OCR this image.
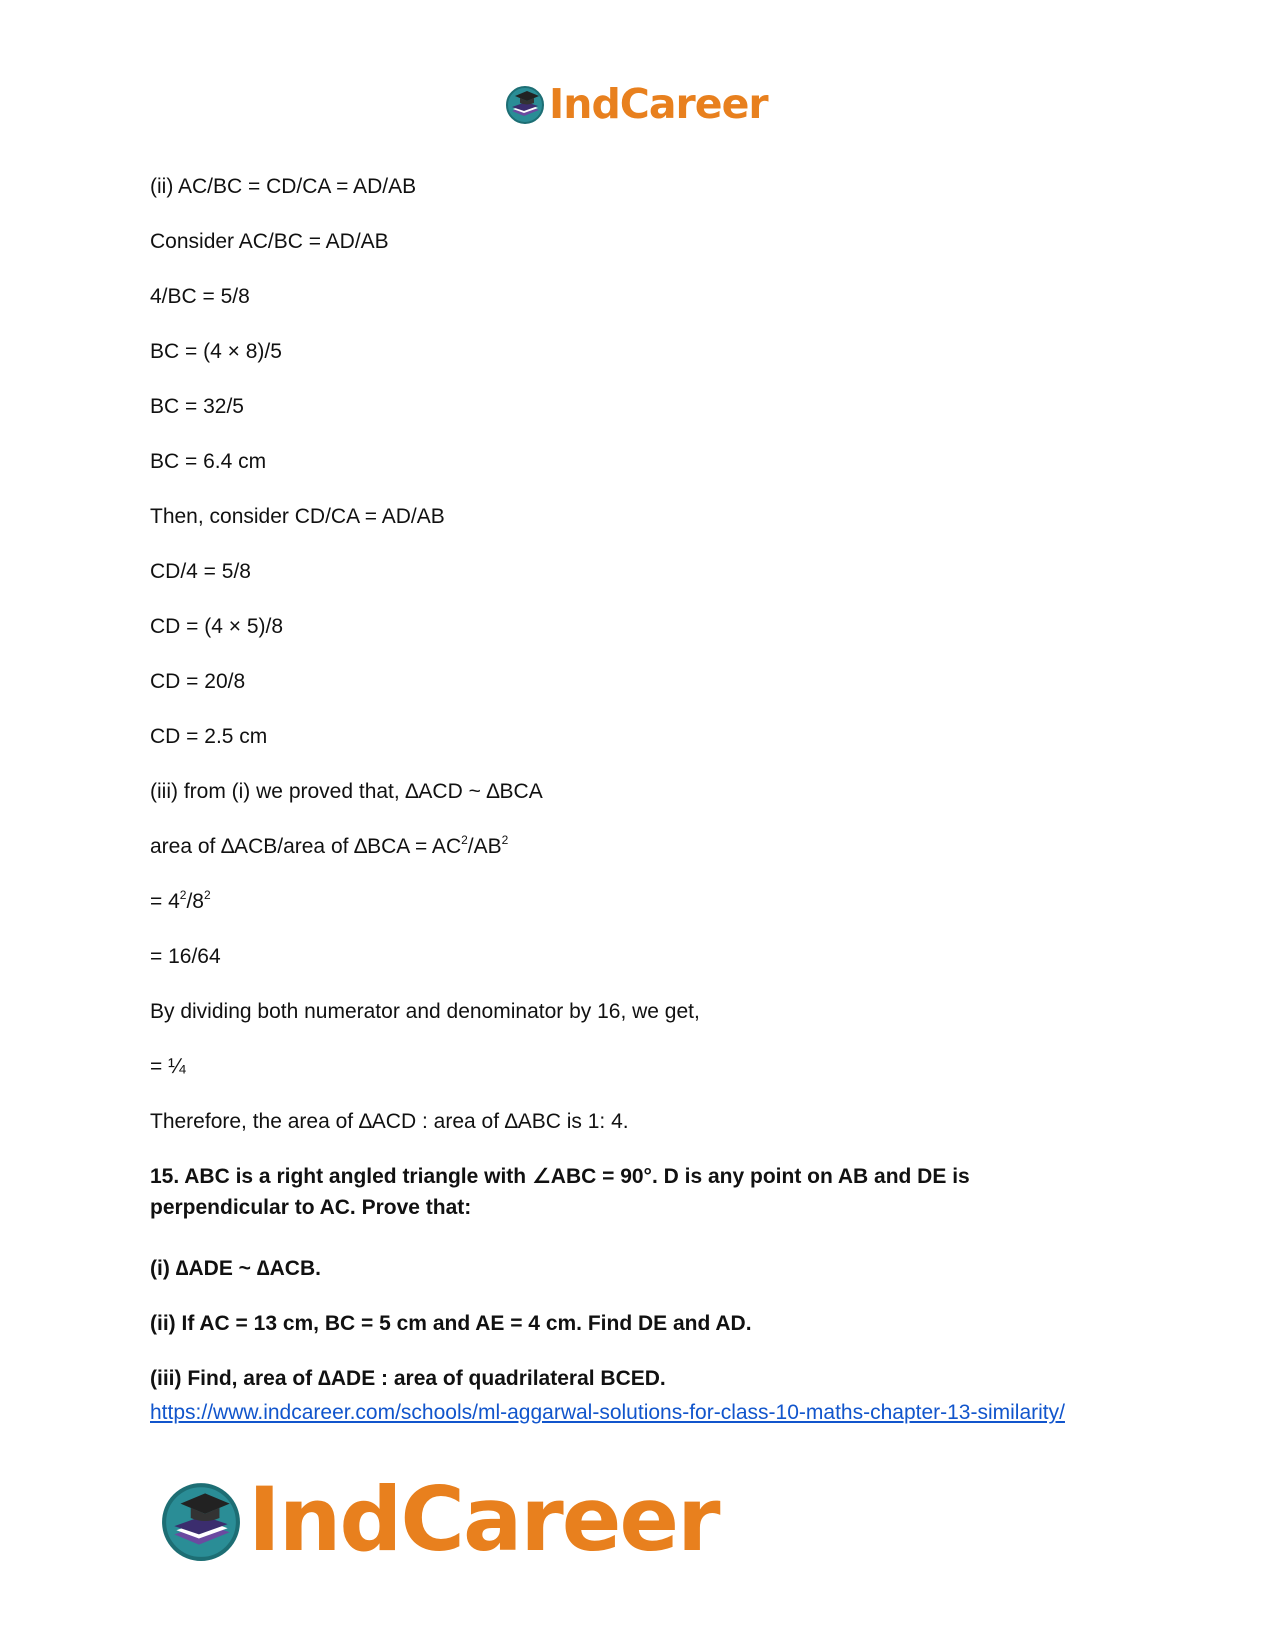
IndCareer
(ii) AC/BC = CD/CA = AD/AB
Consider AC/BC = AD/AB
4/BC = 5/8
BC = (4 × 8)/5
BC = 32/5
BC = 6.4 cm
Then, consider CD/CA = AD/AB
CD/4 = 5/8
CD = (4 × 5)/8
CD = 20/8
CD = 2.5 cm
(iii) from (i) we proved that, ∆ACD ~ ∆BCA
area of ∆ACB/area of $\Delta BCA = AC^2/AB^2$
= $4^2/8^2$
= 16/64
By dividing both numerator and denominator by 16, we get,
= ¼
Therefore, the area of ∆ACD : area of ∆ABC is 1: 4.
15. ABC is a right angled triangle with ∠ABC = 90°. D is any point on AB and DE is perpendicular to AC. Prove that:
(i) ∆ADE ~ ∆ACB.
(ii) If AC = 13 cm, BC = 5 cm and AE = 4 cm. Find DE and AD.
(iii) Find, area of ∆ADE : area of quadrilateral BCED.
https://www.indcareer.com/schools/ml-aggarwal-solutions-for-class-10-maths-chapter-13-similarity/
IndCareer
